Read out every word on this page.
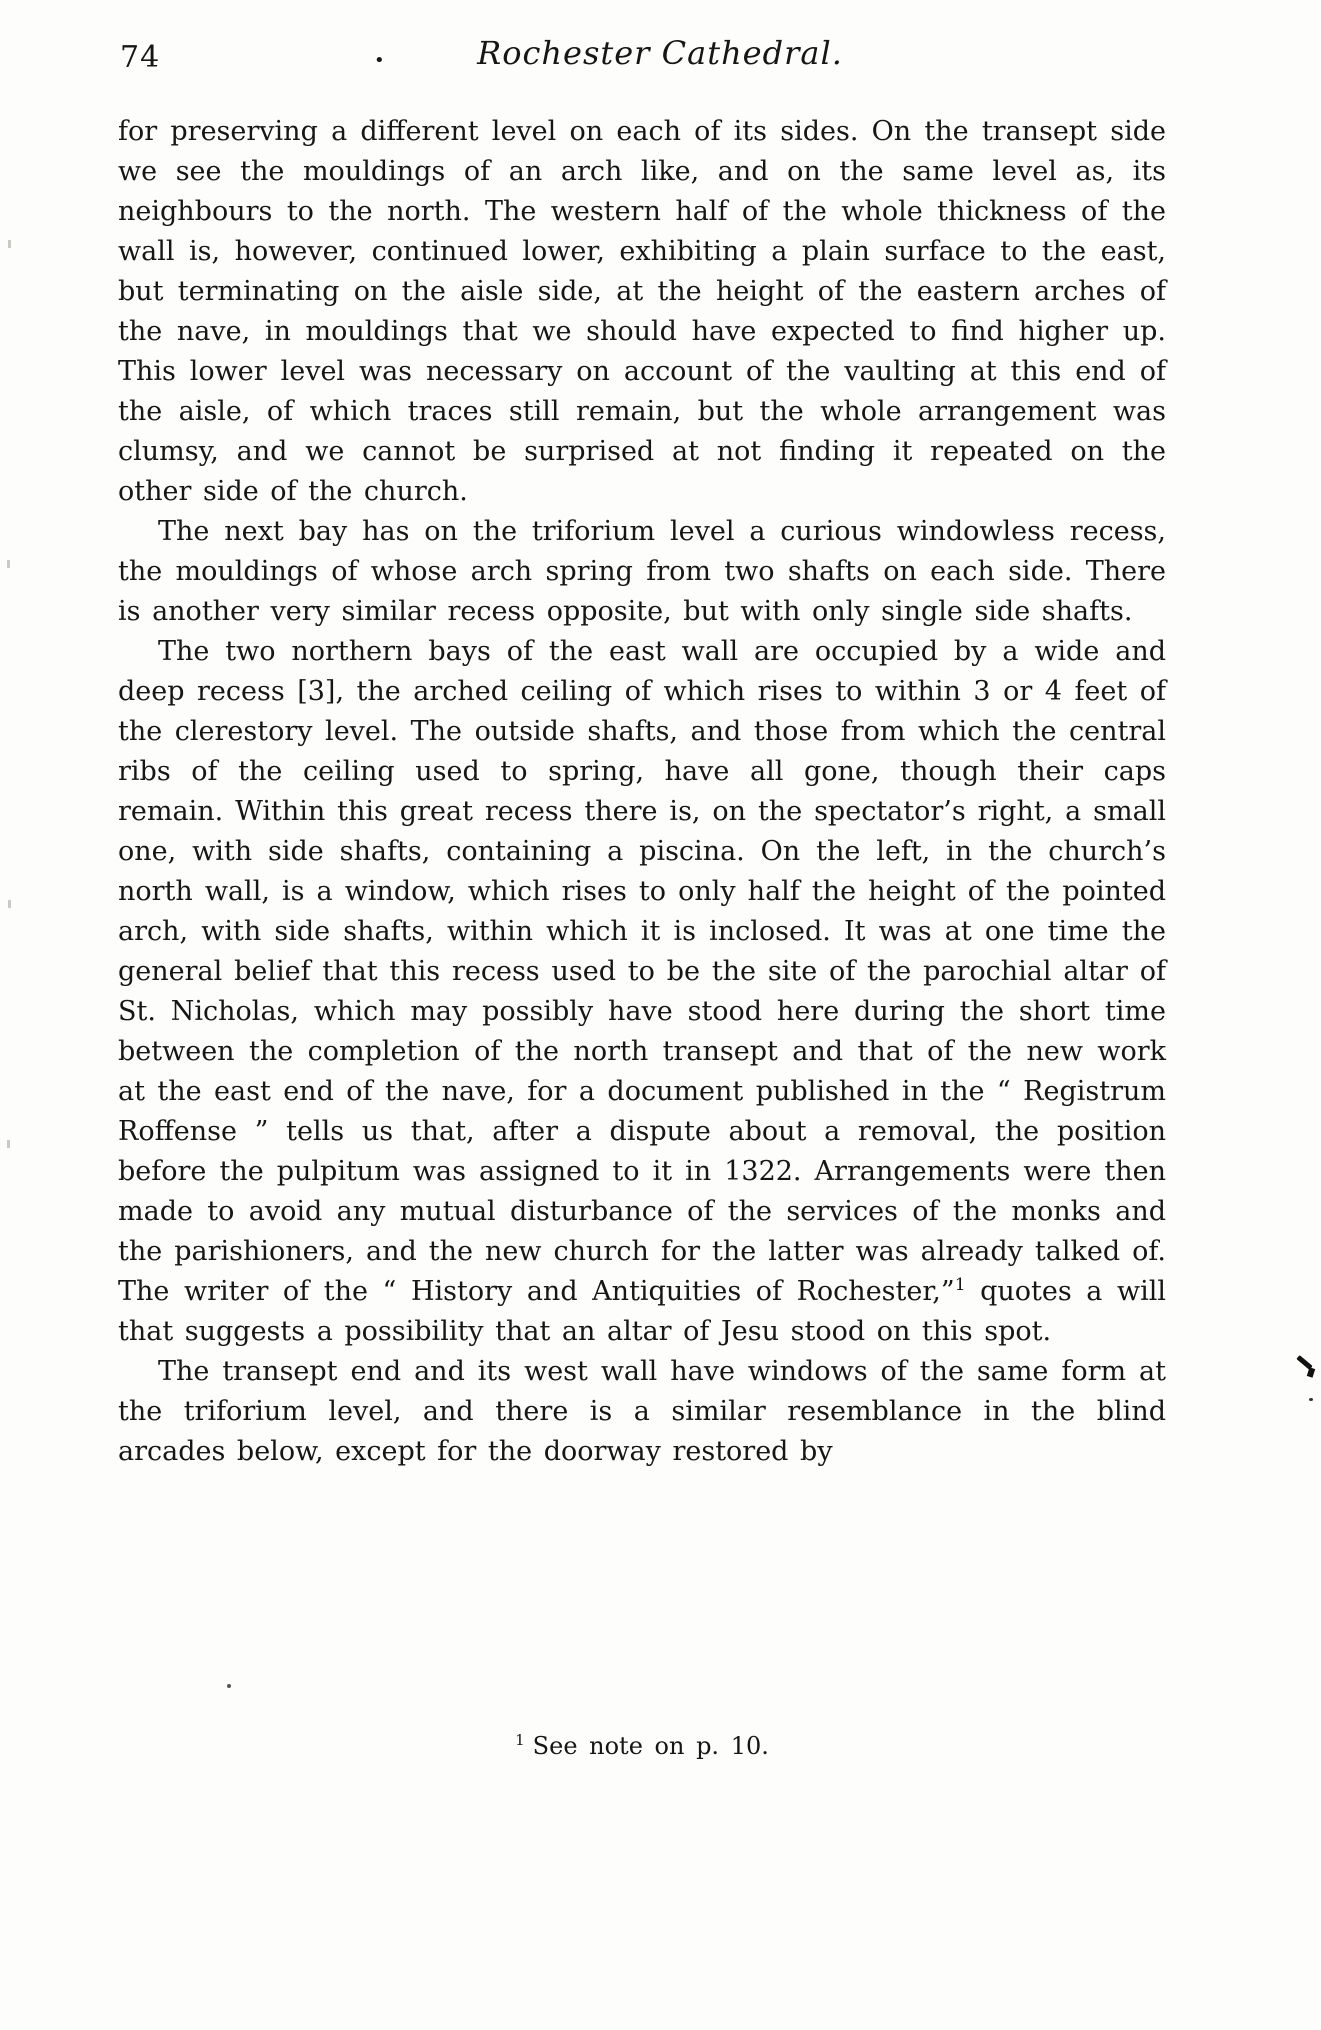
74	•	Rochester Cathedral.

for preserving a different level on each of its sides. On the transept side we see the mouldings of an arch like, and on the same level as, its neighbours to the north. The western half of the whole thickness of the wall is, however, continued lower, exhibiting a plain surface to the east, but terminating on the aisle side, at the height of the eastern arches of the nave, in mouldings that we should have expected to find higher up. This lower level was necessary on account of the vaulting at this end of the aisle, of which traces still remain, but the whole arrangement was clumsy, and we cannot be surprised at not finding it repeated on the other side of the church.

The next bay has on the triforium level a curious windowless recess, the mouldings of whose arch spring from two shafts on each side. There is another very similar recess opposite, but with only single side shafts.

The two northern bays of the east wall are occupied by a wide and deep recess [3], the arched ceiling of which rises to within 3 or 4 feet of the clerestory level. The outside shafts, and those from which the central ribs of the ceiling used to spring, have all gone, though their caps remain. Within this great recess there is, on the spectator’s right, a small one, with side shafts, containing a piscina. On the left, in the church’s north wall, is a window, which rises to only half the height of the pointed arch, with side shafts, within which it is inclosed. It was at one time the general belief that this recess used to be the site of the parochial altar of St. Nicholas, which may possibly have stood here during the short time between the completion of the north transept and that of the new work at the east end of the nave, for a document published in the “ Registrum Roffense ” tells us that, after a dispute about a removal, the position before the pulpitum was assigned to it in 1322. Arrangements were then made to avoid any mutual disturbance of the services of the monks and the parishioners, and the new church for the latter was already talked of. The writer of the “ History and Antiquities of Rochester,”$^1$ quotes a will that suggests a possibility that an altar of Jesu stood on this spot.

The transept end and its west wall have windows of the same form at the triforium level, and there is a similar resemblance in the blind arcades below, except for the doorway restored by

$^1$ See note on p. 10.
